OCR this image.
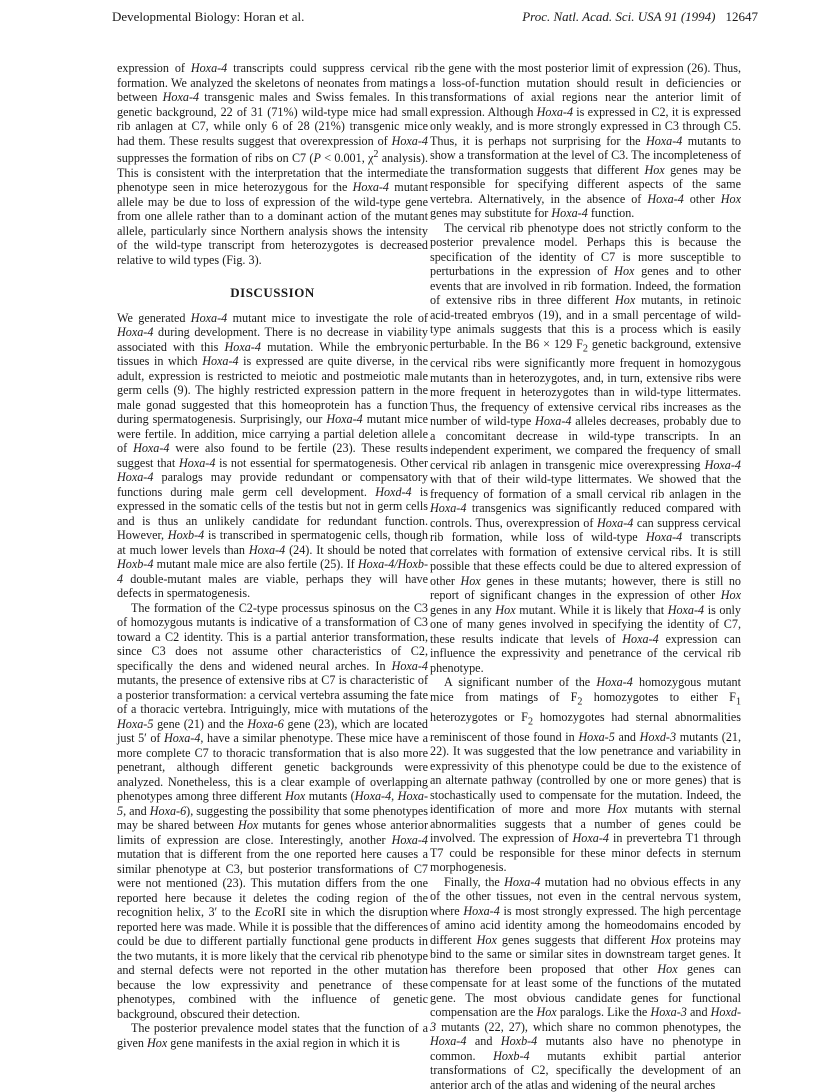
Developmental Biology: Horan et al.	Proc. Natl. Acad. Sci. USA 91 (1994) 12647

expression of Hoxa-4 transcripts could suppress cervical rib formation. We analyzed the skeletons of neonates from matings between Hoxa-4 transgenic males and Swiss females. In this genetic background, 22 of 31 (71%) wild-type mice had small rib anlagen at C7, while only 6 of 28 (21%) transgenic mice had them. These results suggest that overexpression of Hoxa-4 suppresses the formation of ribs on C7 (P < 0.001, $\chi^2$ analysis). This is consistent with the interpretation that the intermediate phenotype seen in mice heterozygous for the Hoxa-4 mutant allele may be due to loss of expression of the wild-type gene from one allele rather than to a dominant action of the mutant allele, particularly since Northern analysis shows the intensity of the wild-type transcript from heterozygotes is decreased relative to wild types (Fig. 3).

DISCUSSION

We generated Hoxa-4 mutant mice to investigate the role of Hoxa-4 during development. There is no decrease in viability associated with this Hoxa-4 mutation. While the embryonic tissues in which Hoxa-4 is expressed are quite diverse, in the adult, expression is restricted to meiotic and postmeiotic male germ cells (9). The highly restricted expression pattern in the male gonad suggested that this homeoprotein has a function during spermatogenesis. Surprisingly, our Hoxa-4 mutant mice were fertile. In addition, mice carrying a partial deletion allele of Hoxa-4 were also found to be fertile (23). These results suggest that Hoxa-4 is not essential for spermatogenesis. Other Hoxa-4 paralogs may provide redundant or compensatory functions during male germ cell development. Hoxd-4 is expressed in the somatic cells of the testis but not in germ cells and is thus an unlikely candidate for redundant function. However, Hoxb-4 is transcribed in spermatogenic cells, though at much lower levels than Hoxa-4 (24). It should be noted that Hoxb-4 mutant male mice are also fertile (25). If Hoxa-4/Hoxb-4 double-mutant males are viable, perhaps they will have defects in spermatogenesis.

The formation of the C2-type processus spinosus on the C3 of homozygous mutants is indicative of a transformation of C3 toward a C2 identity. This is a partial anterior transformation, since C3 does not assume other characteristics of C2, specifically the dens and widened neural arches. In Hoxa-4 mutants, the presence of extensive ribs at C7 is characteristic of a posterior transformation: a cervical vertebra assuming the fate of a thoracic vertebra. Intriguingly, mice with mutations of the Hoxa-5 gene (21) and the Hoxa-6 gene (23), which are located just 5′ of Hoxa-4, have a similar phenotype. These mice have a more complete C7 to thoracic transformation that is also more penetrant, although different genetic backgrounds were analyzed. Nonetheless, this is a clear example of overlapping phenotypes among three different Hox mutants (Hoxa-4, Hoxa-5, and Hoxa-6), suggesting the possibility that some phenotypes may be shared between Hox mutants for genes whose anterior limits of expression are close. Interestingly, another Hoxa-4 mutation that is different from the one reported here causes a similar phenotype at C3, but posterior transformations of C7 were not mentioned (23). This mutation differs from the one reported here because it deletes the coding region of the recognition helix, 3′ to the EcoRI site in which the disruption reported here was made. While it is possible that the differences could be due to different partially functional gene products in the two mutants, it is more likely that the cervical rib phenotype and sternal defects were not reported in the other mutation because the low expressivity and penetrance of these phenotypes, combined with the influence of genetic background, obscured their detection.

The posterior prevalence model states that the function of a given Hox gene manifests in the axial region in which it is

the gene with the most posterior limit of expression (26). Thus, a loss-of-function mutation should result in deficiencies or transformations of axial regions near the anterior limit of expression. Although Hoxa-4 is expressed in C2, it is expressed only weakly, and is more strongly expressed in C3 through C5. Thus, it is perhaps not surprising for the Hoxa-4 mutants to show a transformation at the level of C3. The incompleteness of the transformation suggests that different Hox genes may be responsible for specifying different aspects of the same vertebra. Alternatively, in the absence of Hoxa-4 other Hox genes may substitute for Hoxa-4 function.

The cervical rib phenotype does not strictly conform to the posterior prevalence model. Perhaps this is because the specification of the identity of C7 is more susceptible to perturbations in the expression of Hox genes and to other events that are involved in rib formation. Indeed, the formation of extensive ribs in three different Hox mutants, in retinoic acid-treated embryos (19), and in a small percentage of wild-type animals suggests that this is a process which is easily perturbable. In the B6 × 129 $F_2$ genetic background, extensive cervical ribs were significantly more frequent in homozygous mutants than in heterozygotes, and, in turn, extensive ribs were more frequent in heterozygotes than in wild-type littermates. Thus, the frequency of extensive cervical ribs increases as the number of wild-type Hoxa-4 alleles decreases, probably due to a concomitant decrease in wild-type transcripts. In an independent experiment, we compared the frequency of small cervical rib anlagen in transgenic mice overexpressing Hoxa-4 with that of their wild-type littermates. We showed that the frequency of formation of a small cervical rib anlagen in the Hoxa-4 transgenics was significantly reduced compared with controls. Thus, overexpression of Hoxa-4 can suppress cervical rib formation, while loss of wild-type Hoxa-4 transcripts correlates with formation of extensive cervical ribs. It is still possible that these effects could be due to altered expression of other Hox genes in these mutants; however, there is still no report of significant changes in the expression of other Hox genes in any Hox mutant. While it is likely that Hoxa-4 is only one of many genes involved in specifying the identity of C7, these results indicate that levels of Hoxa-4 expression can influence the expressivity and penetrance of the cervical rib phenotype.

A significant number of the Hoxa-4 homozygous mutant mice from matings of $F_2$ homozygotes to either $F_1$ heterozygotes or $F_2$ homozygotes had sternal abnormalities reminiscent of those found in Hoxa-5 and Hoxd-3 mutants (21, 22). It was suggested that the low penetrance and variability in expressivity of this phenotype could be due to the existence of an alternate pathway (controlled by one or more genes) that is stochastically used to compensate for the mutation. Indeed, the identification of more and more Hox mutants with sternal abnormalities suggests that a number of genes could be involved. The expression of Hoxa-4 in prevertebra T1 through T7 could be responsible for these minor defects in sternum morphogenesis.

Finally, the Hoxa-4 mutation had no obvious effects in any of the other tissues, not even in the central nervous system, where Hoxa-4 is most strongly expressed. The high percentage of amino acid identity among the homeodomains encoded by different Hox genes suggests that different Hox proteins may bind to the same or similar sites in downstream target genes. It has therefore been proposed that other Hox genes can compensate for at least some of the functions of the mutated gene. The most obvious candidate genes for functional compensation are the Hox paralogs. Like the Hoxa-3 and Hoxd-3 mutants (22, 27), which share no common phenotypes, the Hoxa-4 and Hoxb-4 mutants also have no phenotype in common. Hoxb-4 mutants exhibit partial anterior transformations of C2, specifically the development of an anterior arch of the atlas and widening of the neural arches
